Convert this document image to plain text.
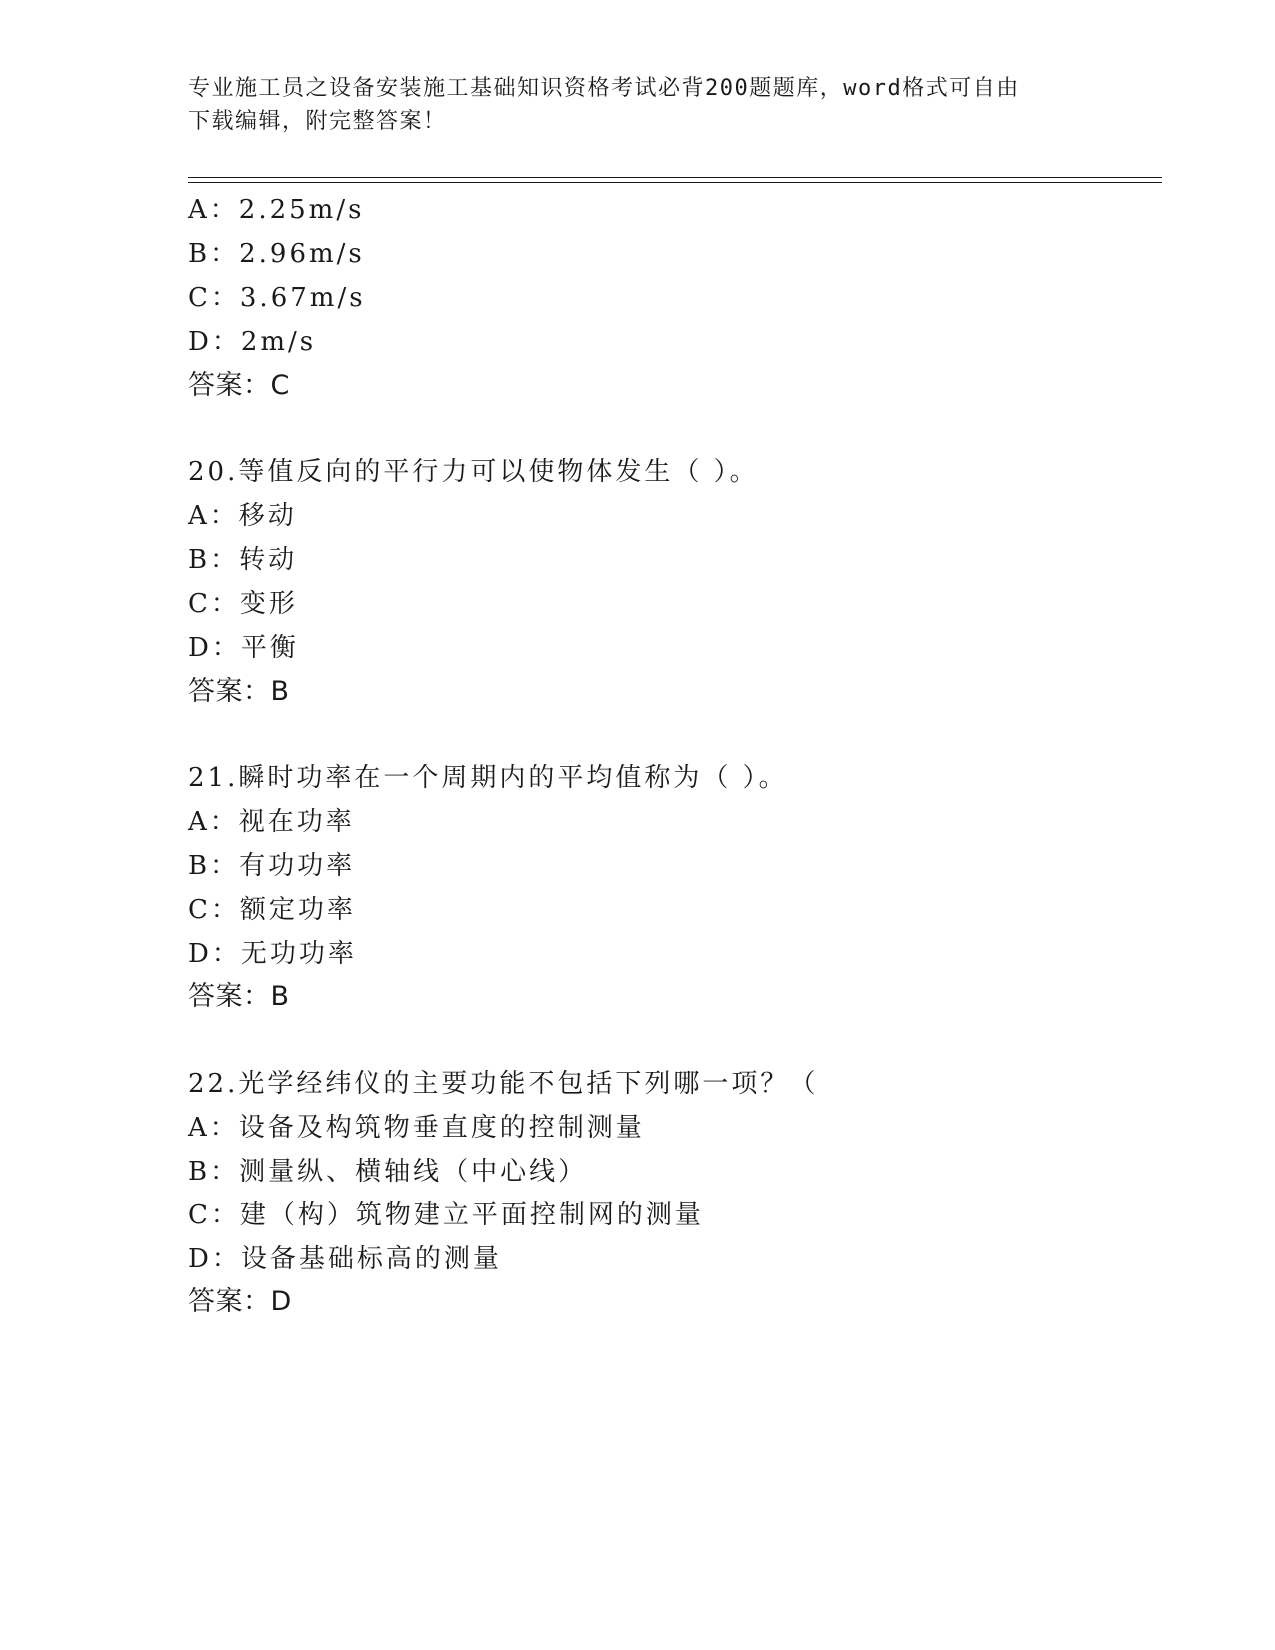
专业施工员之设备安装施工基础知识资格考试必背200题题库，word格式可自由
下载编辑，附完整答案！
A：2.25m/s
B：2.96m/s
C：3.67m/s
D：2m/s
答案：C
20.等值反向的平行力可以使物体发生（ ）。
A：移动
B：转动
C：变形
D：平衡
答案：B
21.瞬时功率在一个周期内的平均值称为（ ）。
A：视在功率
B：有功功率
C：额定功率
D：无功功率
答案：B
22.光学经纬仪的主要功能不包括下列哪一项？（
A：设备及构筑物垂直度的控制测量
B：测量纵、横轴线（中心线）
C：建（构）筑物建立平面控制网的测量
D：设备基础标高的测量
答案：D
